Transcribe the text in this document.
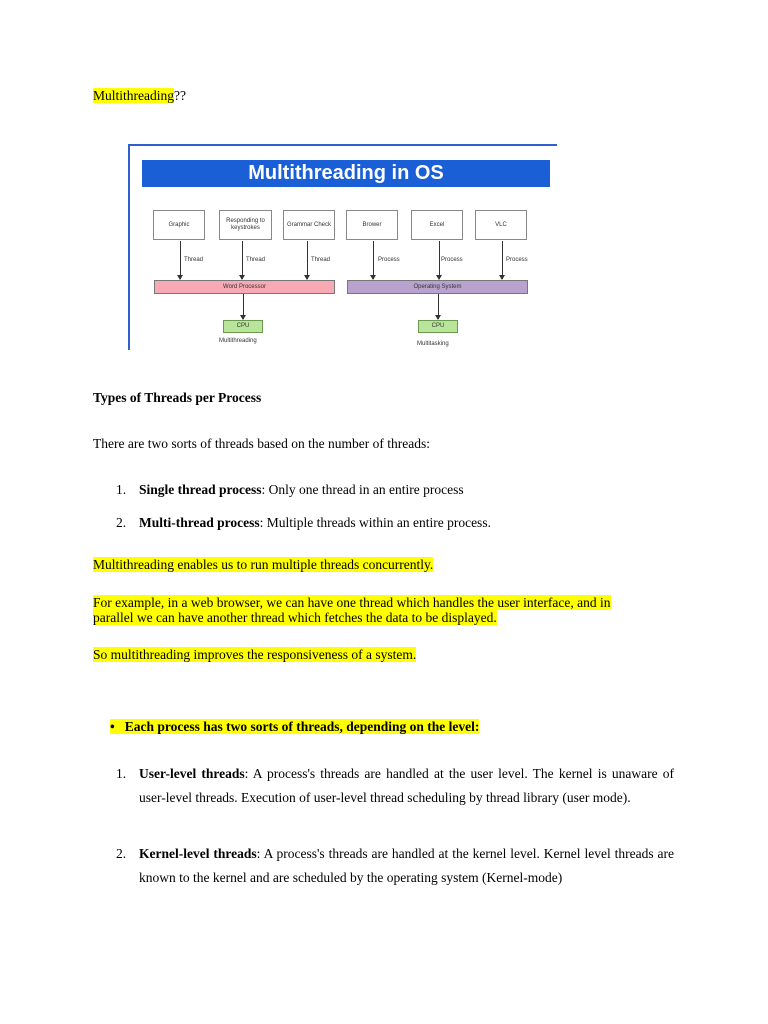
Multithreading??
Multithreading in OS
Graphic
Responding to keystrokes
Grammar Check	Brower	Excel	VLC
Thread	Thread	Thread	Process	Process	Process
Word Processor	Operating System
CPU	CPU
Multithreading	Multitasking
Types of Threads per Process
There are two sorts of threads based on the number of threads:
1. Single thread process: Only one thread in an entire process
2. Multi-thread process: Multiple threads within an entire process.
Multithreading enables us to run multiple threads concurrently.
For example, in a web browser, we can have one thread which handles the user interface, and in
parallel we can have another thread which fetches the data to be displayed.
So multithreading improves the responsiveness of a system.
• Each process has two sorts of threads, depending on the level:
1. User-level threads: A process's threads are handled at the user level. The kernel is unaware of user-level threads. Execution of user-level thread scheduling by thread library (user mode).
2. Kernel-level threads: A process's threads are handled at the kernel level. Kernel level threads are known to the kernel and are scheduled by the operating system (Kernel-mode)
